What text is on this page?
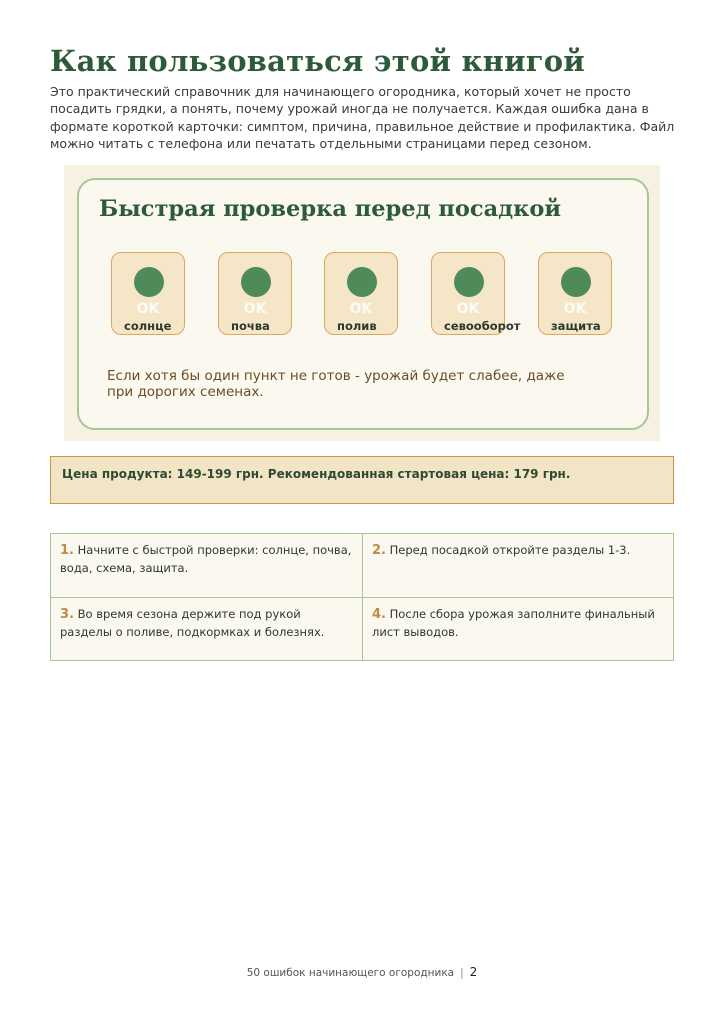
Как пользоваться этой книгой

Это практический справочник для начинающего огородника, который хочет не просто посадить грядки, а понять, почему урожай иногда не получается. Каждая ошибка дана в формате короткой карточки: симптом, причина, правильное действие и профилактика. Файл можно читать с телефона или печатать отдельными страницами перед сезоном.

Быстрая проверка перед посадкой
OK
солнце
OK
почва
OK
полив
OK
севооборот
OK
защита

Если хотя бы один пункт не готов - урожай будет слабее, даже при дорогих семенах.

Цена продукта: 149-199 грн. Рекомендованная стартовая цена: 179 грн.
1. Начните с быстрой проверки: солнце, почва, вода, схема, защита.
2. Перед посадкой откройте разделы 1-3.
3. Во время сезона держите под рукой разделы о поливе, подкормках и болезнях.
4. После сбора урожая заполните финальный лист выводов.
50 ошибок начинающего огородника | 2
